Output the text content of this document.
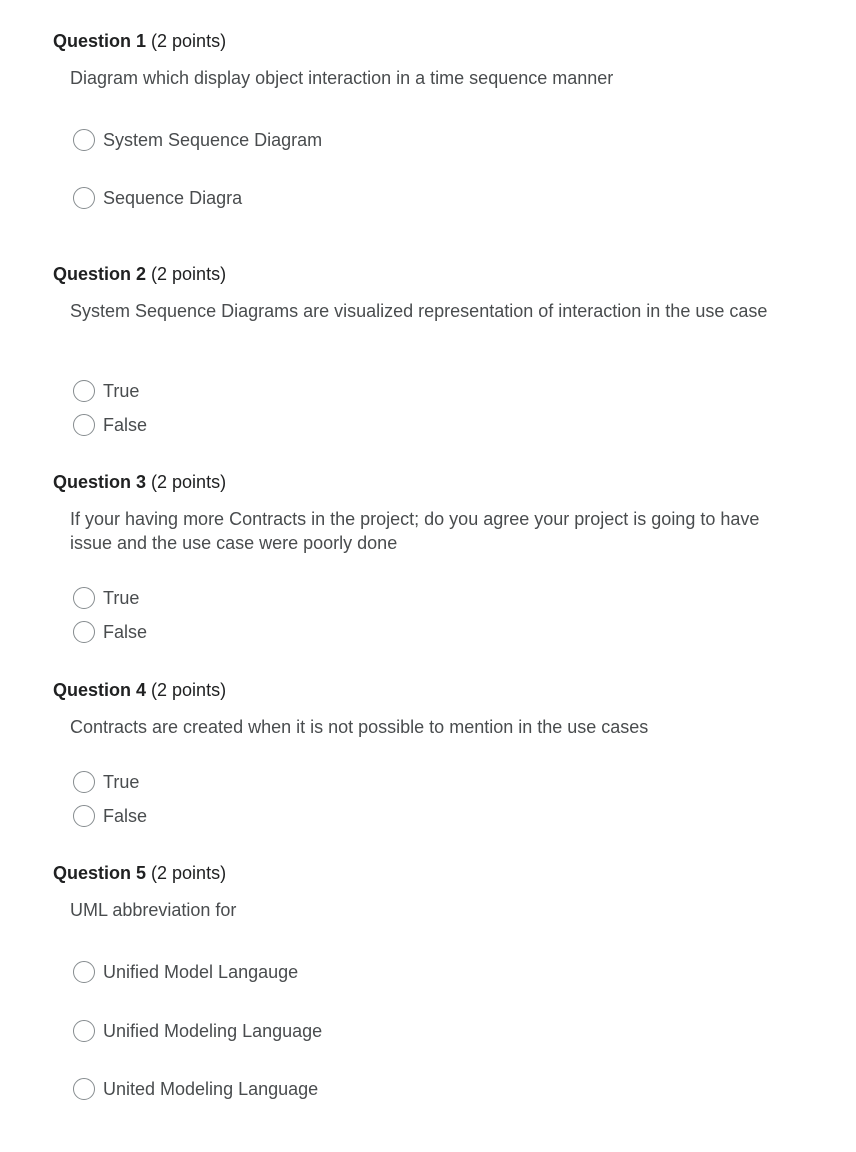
Question 1 (2 points)
Diagram which display object interaction in a time sequence manner
System Sequence Diagram
Sequence Diagra
Question 2 (2 points)
System Sequence Diagrams are visualized representation of interaction in the use case
True
False
Question 3 (2 points)
If your having more Contracts in the project; do you agree your project is going to have issue and the use case were poorly done
True
False
Question 4 (2 points)
Contracts are created when it is not possible to mention in the use cases
True
False
Question 5 (2 points)
UML abbreviation for
Unified Model Langauge
Unified Modeling Language
United Modeling Language
